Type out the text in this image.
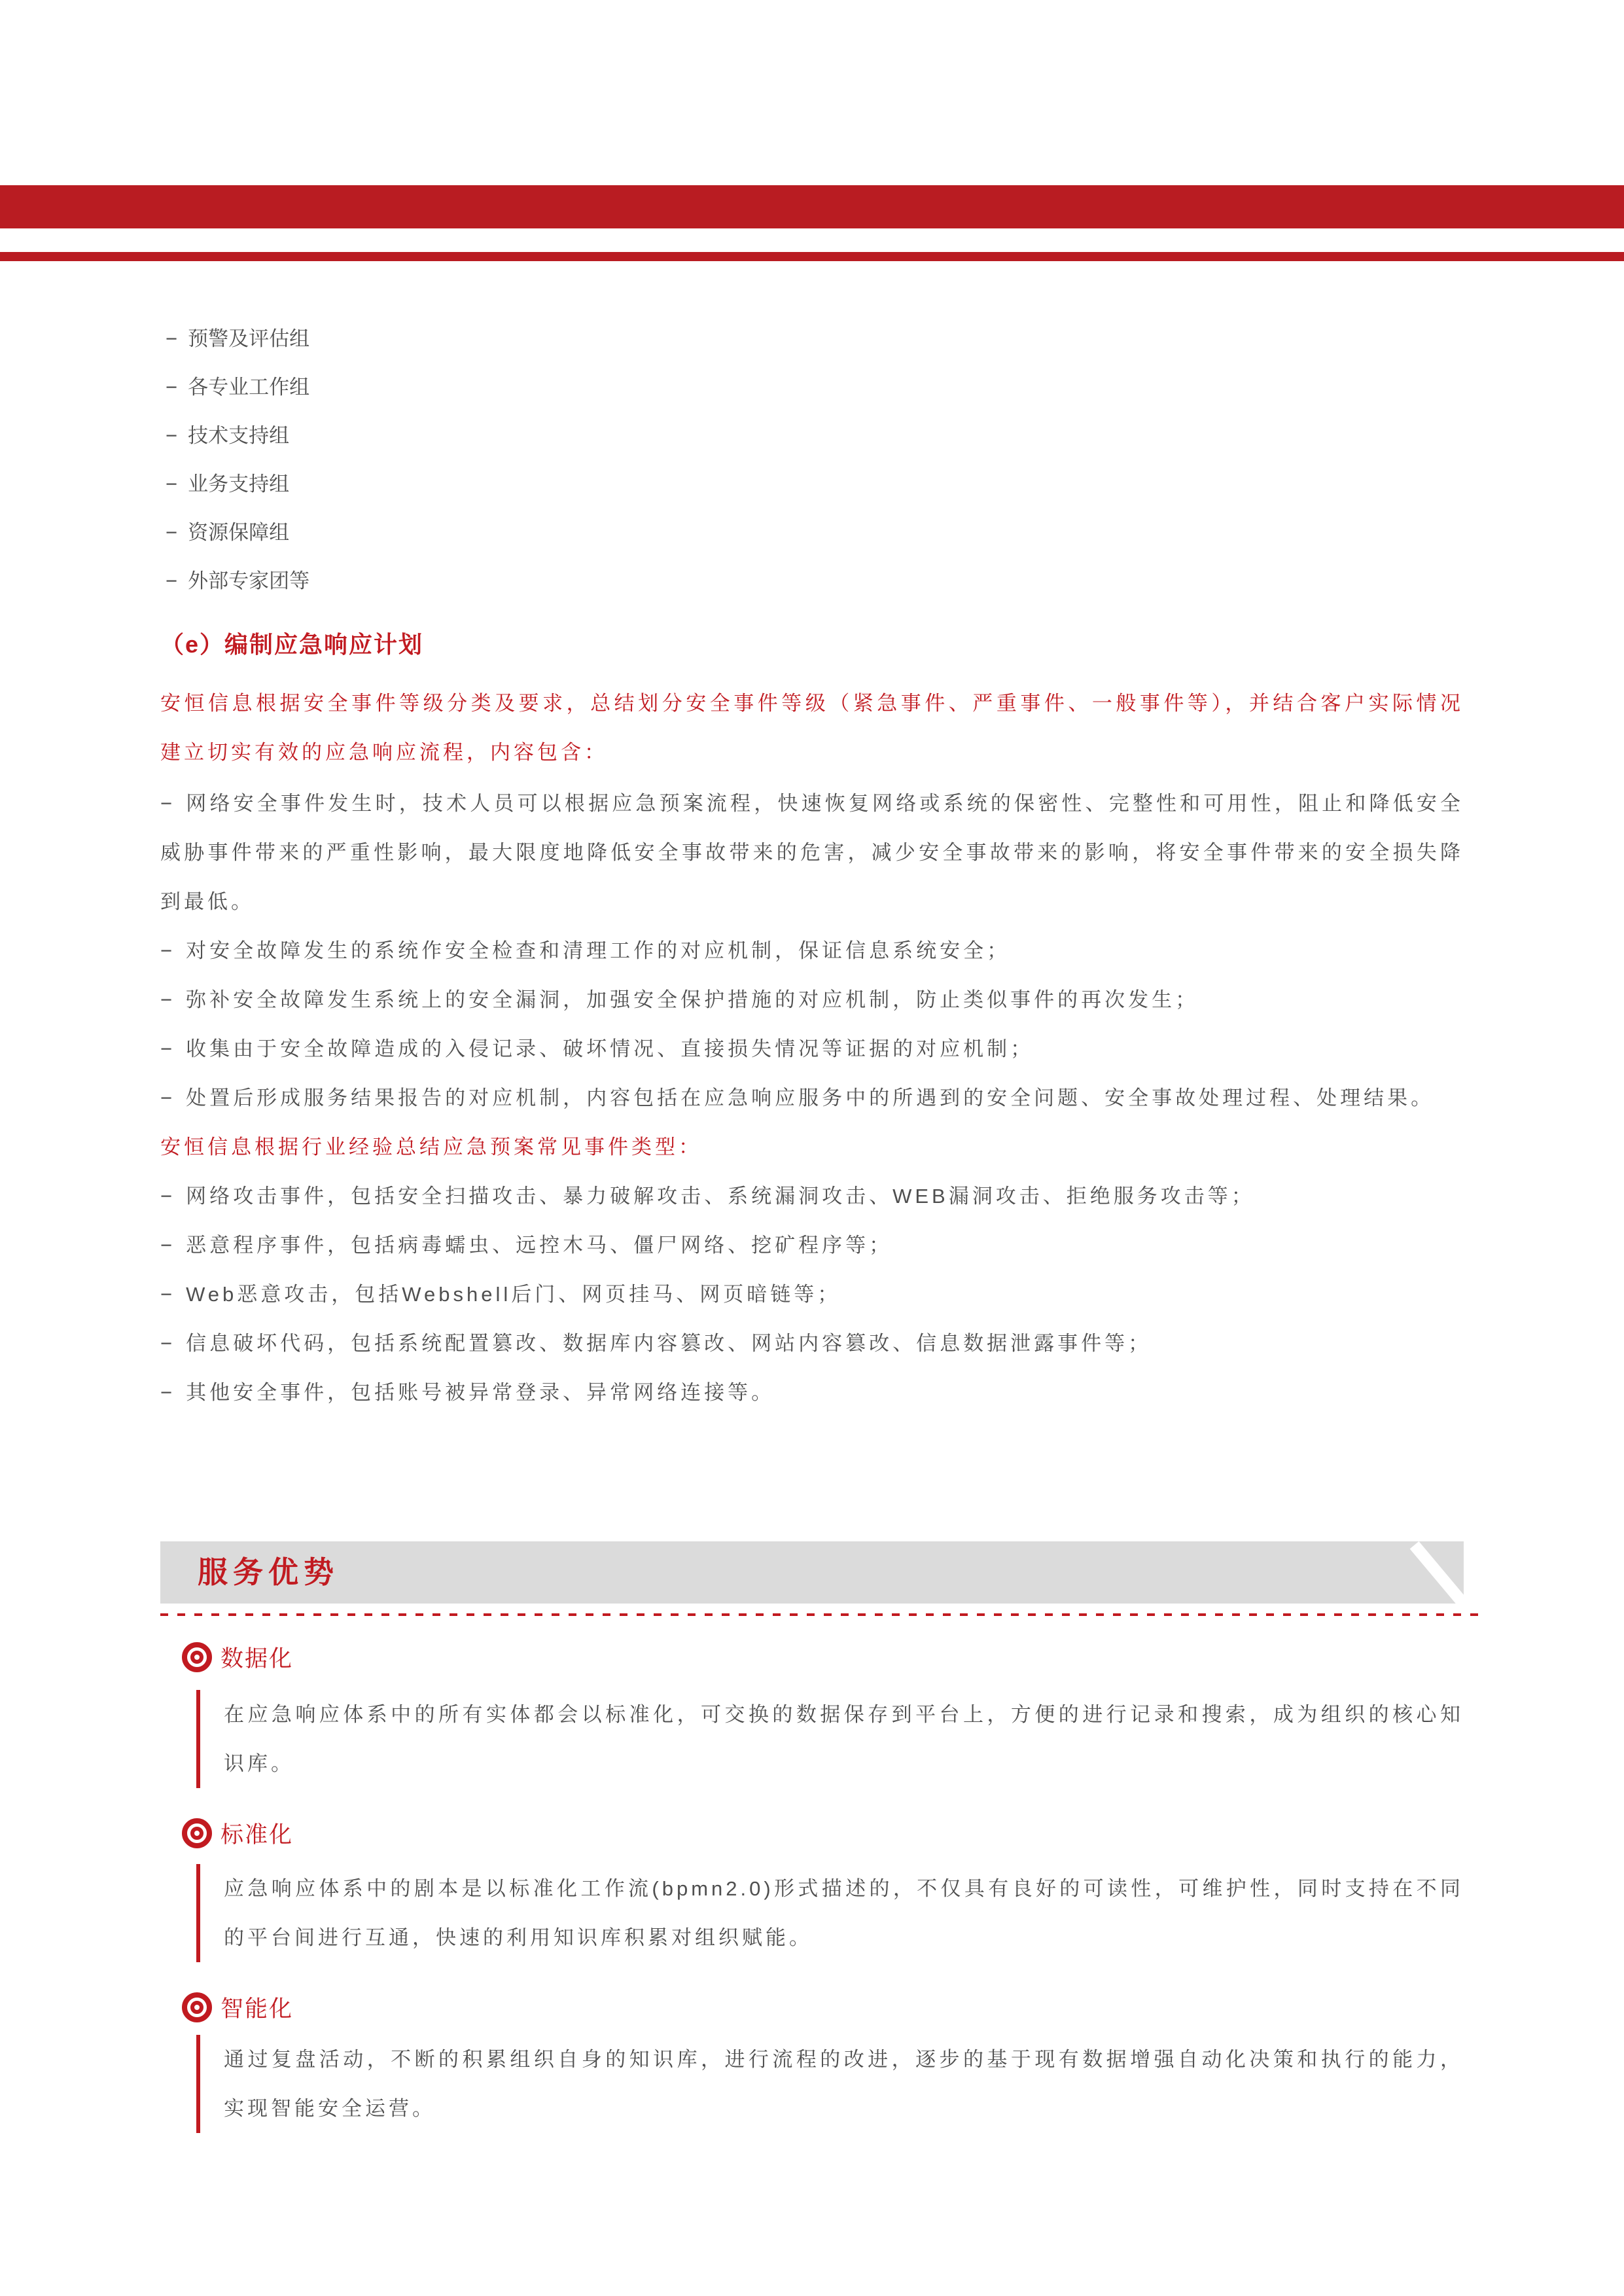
− 预警及评估组
− 各专业工作组
− 技术支持组
− 业务支持组
− 资源保障组
− 外部专家团等
（e）编制应急响应计划

安恒信息根据安全事件等级分类及要求，总结划分安全事件等级（紧急事件、严重事件、一般事件等），并结合客户实际情况建立切实有效的应急响应流程，内容包含：

− 网络安全事件发生时，技术人员可以根据应急预案流程，快速恢复网络或系统的保密性、完整性和可用性，阻止和降低安全威胁事件带来的严重性影响，最大限度地降低安全事故带来的危害，减少安全事故带来的影响，将安全事件带来的安全损失降到最低。

− 对安全故障发生的系统作安全检查和清理工作的对应机制，保证信息系统安全；

− 弥补安全故障发生系统上的安全漏洞，加强安全保护措施的对应机制，防止类似事件的再次发生；

− 收集由于安全故障造成的入侵记录、破坏情况、直接损失情况等证据的对应机制；

− 处置后形成服务结果报告的对应机制，内容包括在应急响应服务中的所遇到的安全问题、安全事故处理过程、处理结果。

安恒信息根据行业经验总结应急预案常见事件类型：

− 网络攻击事件，包括安全扫描攻击、暴力破解攻击、系统漏洞攻击、WEB漏洞攻击、拒绝服务攻击等；

− 恶意程序事件，包括病毒蠕虫、远控木马、僵尸网络、挖矿程序等；

− Web恶意攻击，包括Webshell后门、网页挂马、网页暗链等；

− 信息破坏代码，包括系统配置篡改、数据库内容篡改、网站内容篡改、信息数据泄露事件等；

− 其他安全事件，包括账号被异常登录、异常网络连接等。

服务优势
数据化

在应急响应体系中的所有实体都会以标准化，可交换的数据保存到平台上，方便的进行记录和搜索，成为组织的核心知识库。

标准化

应急响应体系中的剧本是以标准化工作流(bpmn2.0)形式描述的，不仅具有良好的可读性，可维护性，同时支持在不同的平台间进行互通，快速的利用知识库积累对组织赋能。

智能化

通过复盘活动，不断的积累组织自身的知识库，进行流程的改进，逐步的基于现有数据增强自动化决策和执行的能力，实现智能安全运营。
